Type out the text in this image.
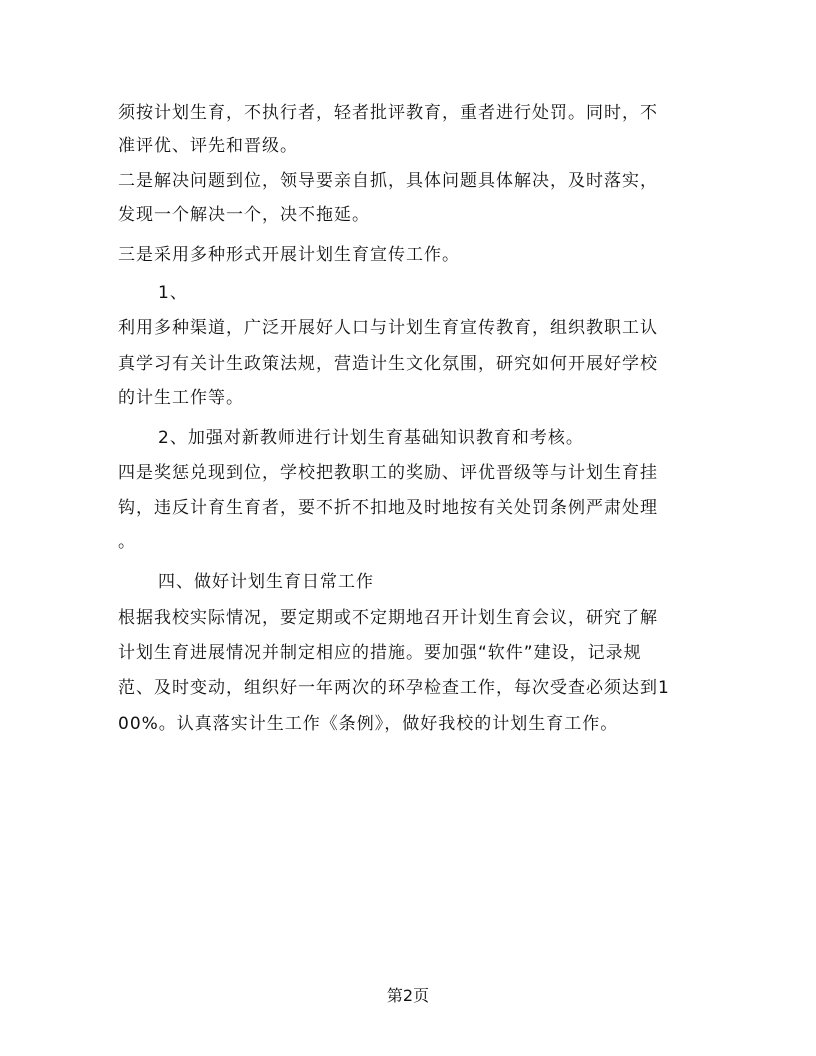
须按计划生育，不执行者，轻者批评教育，重者进行处罚。同时，不
准评优、评先和晋级。
二是解决问题到位，领导要亲自抓，具体问题具体解决，及时落实，
发现一个解决一个，决不拖延。
三是采用多种形式开展计划生育宣传工作。
1、
利用多种渠道，广泛开展好人口与计划生育宣传教育，组织教职工认
真学习有关计生政策法规，营造计生文化氛围，研究如何开展好学校
的计生工作等。
2、加强对新教师进行计划生育基础知识教育和考核。
四是奖惩兑现到位，学校把教职工的奖励、评优晋级等与计划生育挂
钩，违反计育生育者，要不折不扣地及时地按有关处罚条例严肃处理
。
四、做好计划生育日常工作
根据我校实际情况，要定期或不定期地召开计划生育会议，研究了解
计划生育进展情况并制定相应的措施。要加强“软件”建设，记录规
范、及时变动，组织好一年两次的环孕检查工作，每次受查必须达到1
00%。认真落实计生工作《条例》，做好我校的计划生育工作。
第2页
